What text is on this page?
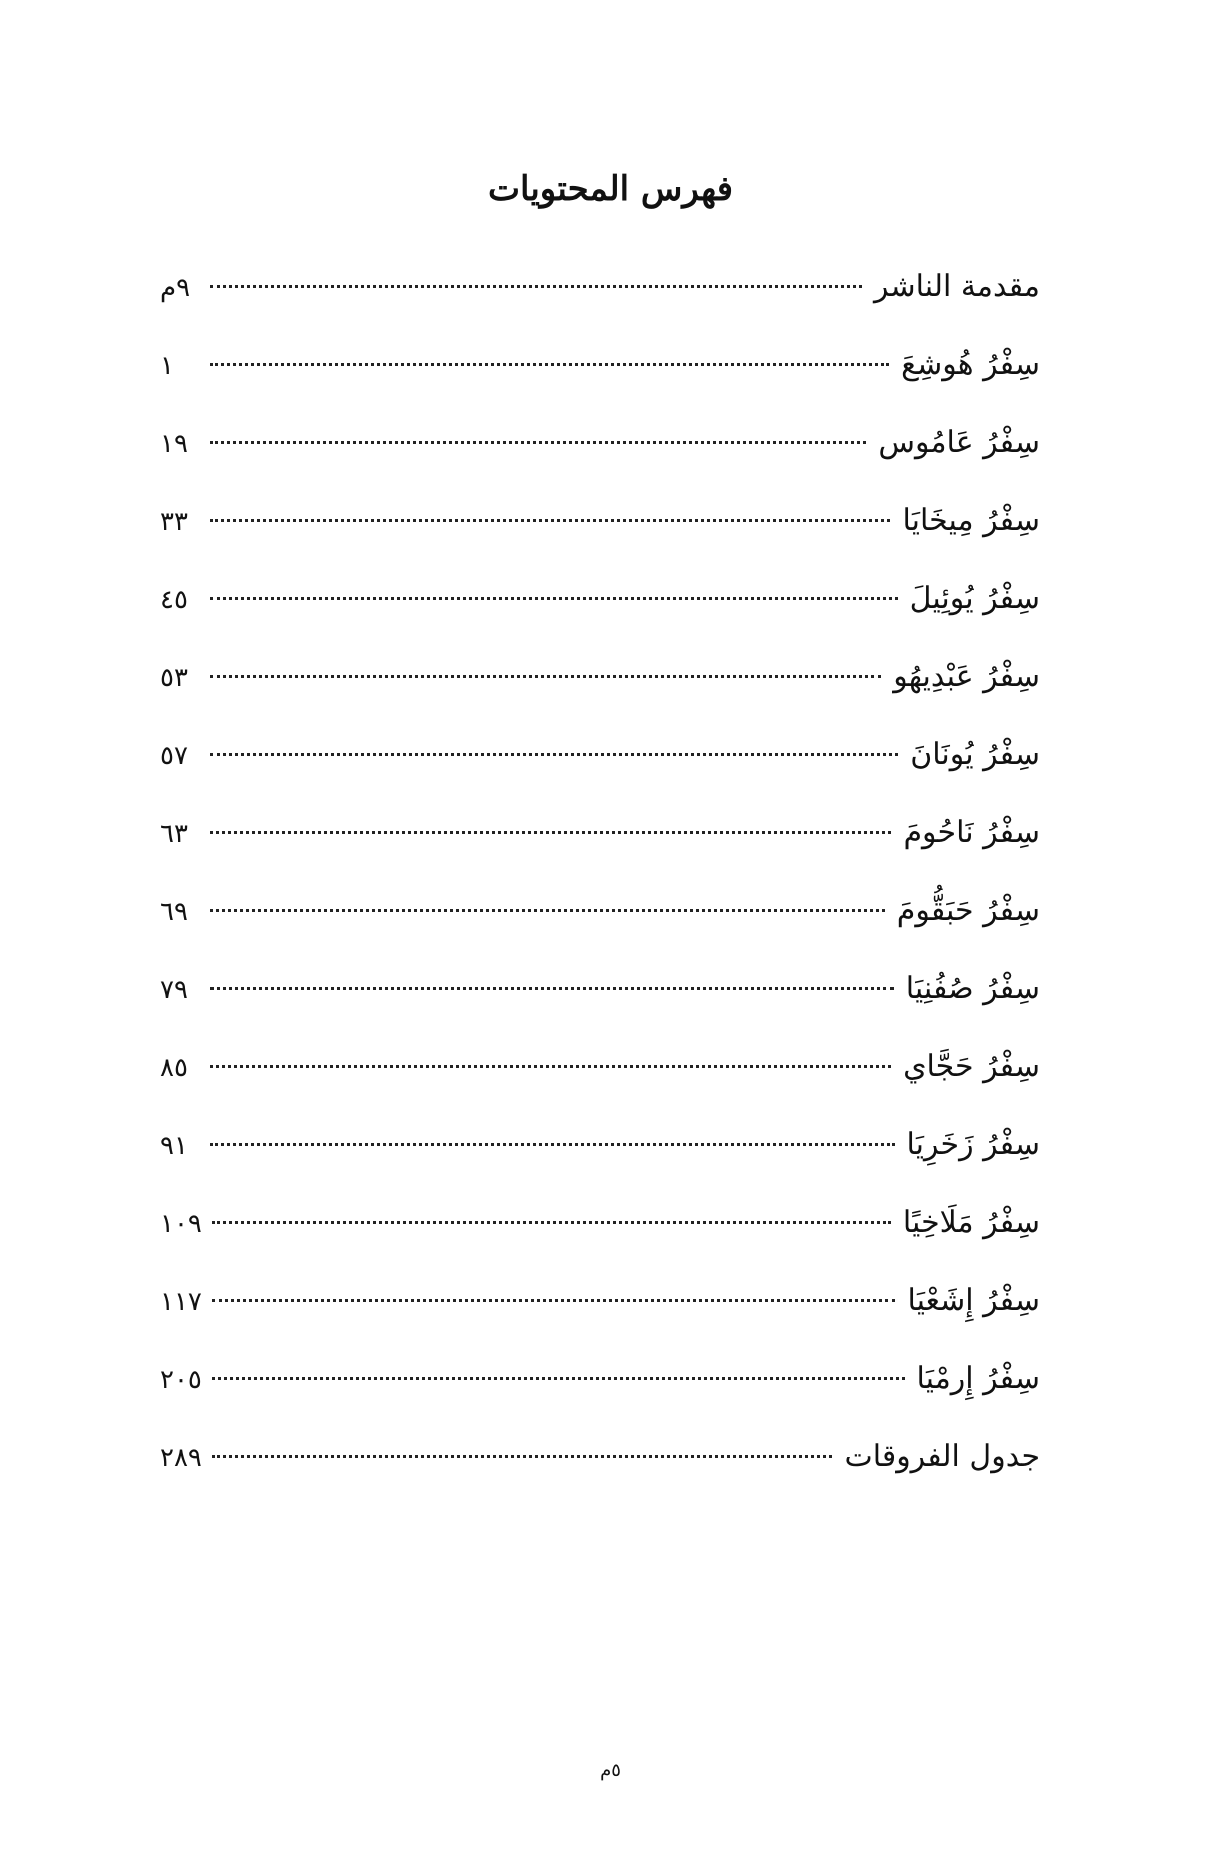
فهرس المحتويات
مقدمة الناشر
٩م
سِفْرُ هُوشِعَ
١
سِفْرُ عَامُوس
١٩
سِفْرُ مِيخَايَا
٣٣
سِفْرُ يُوئِيلَ
٤٥
سِفْرُ عَبْدِيهُو
٥٣
سِفْرُ يُونَانَ
٥٧
سِفْرُ نَاحُومَ
٦٣
سِفْرُ حَبَقُّومَ
٦٩
سِفْرُ صُفُنِيَا
٧٩
سِفْرُ حَجَّاي
٨٥
سِفْرُ زَخَرِيَا
٩١
سِفْرُ مَلَاخِيًا
١٠٩
سِفْرُ إِشَعْيَا
١١٧
سِفْرُ إِرمْيَا
٢٠٥
جدول الفروقات
٢٨٩
٥م
